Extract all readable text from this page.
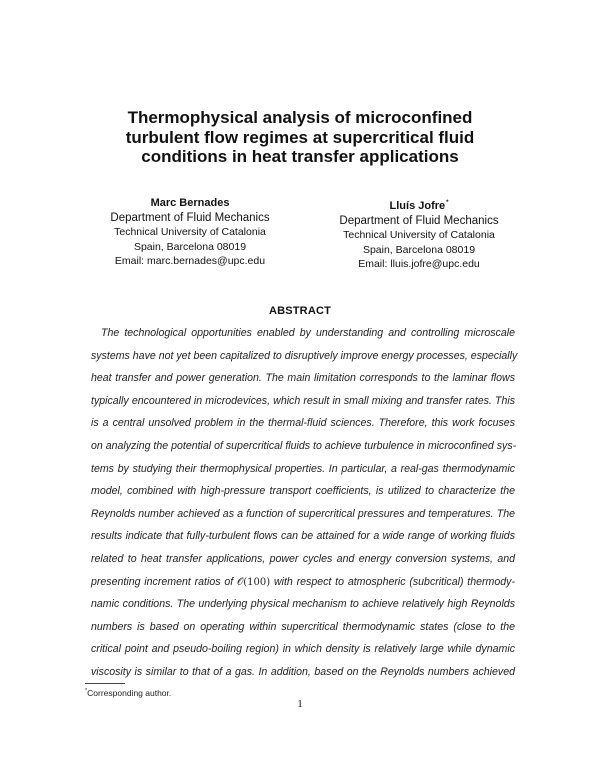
Thermophysical analysis of microconfined
turbulent flow regimes at supercritical fluid
conditions in heat transfer applications
Marc Bernades
Department of Fluid Mechanics
Technical University of Catalonia
Spain, Barcelona 08019
Email: marc.bernades@upc.edu
Lluís Jofre*
Department of Fluid Mechanics
Technical University of Catalonia
Spain, Barcelona 08019
Email: lluis.jofre@upc.edu
ABSTRACT
The technological opportunities enabled by understanding and controlling microscale
systems have not yet been capitalized to disruptively improve energy processes, especially
heat transfer and power generation. The main limitation corresponds to the laminar flows
typically encountered in microdevices, which result in small mixing and transfer rates. This
is a central unsolved problem in the thermal-fluid sciences. Therefore, this work focuses
on analyzing the potential of supercritical fluids to achieve turbulence in microconfined sys-
tems by studying their thermophysical properties. In particular, a real-gas thermodynamic
model, combined with high-pressure transport coefficients, is utilized to characterize the
Reynolds number achieved as a function of supercritical pressures and temperatures. The
results indicate that fully-turbulent flows can be attained for a wide range of working fluids
related to heat transfer applications, power cycles and energy conversion systems, and
presenting increment ratios of 𝒪(100) with respect to atmospheric (subcritical) thermody-
namic conditions. The underlying physical mechanism to achieve relatively high Reynolds
numbers is based on operating within supercritical thermodynamic states (close to the
critical point and pseudo-boiling region) in which density is relatively large while dynamic
viscosity is similar to that of a gas. In addition, based on the Reynolds numbers achieved
*Corresponding author.
1
